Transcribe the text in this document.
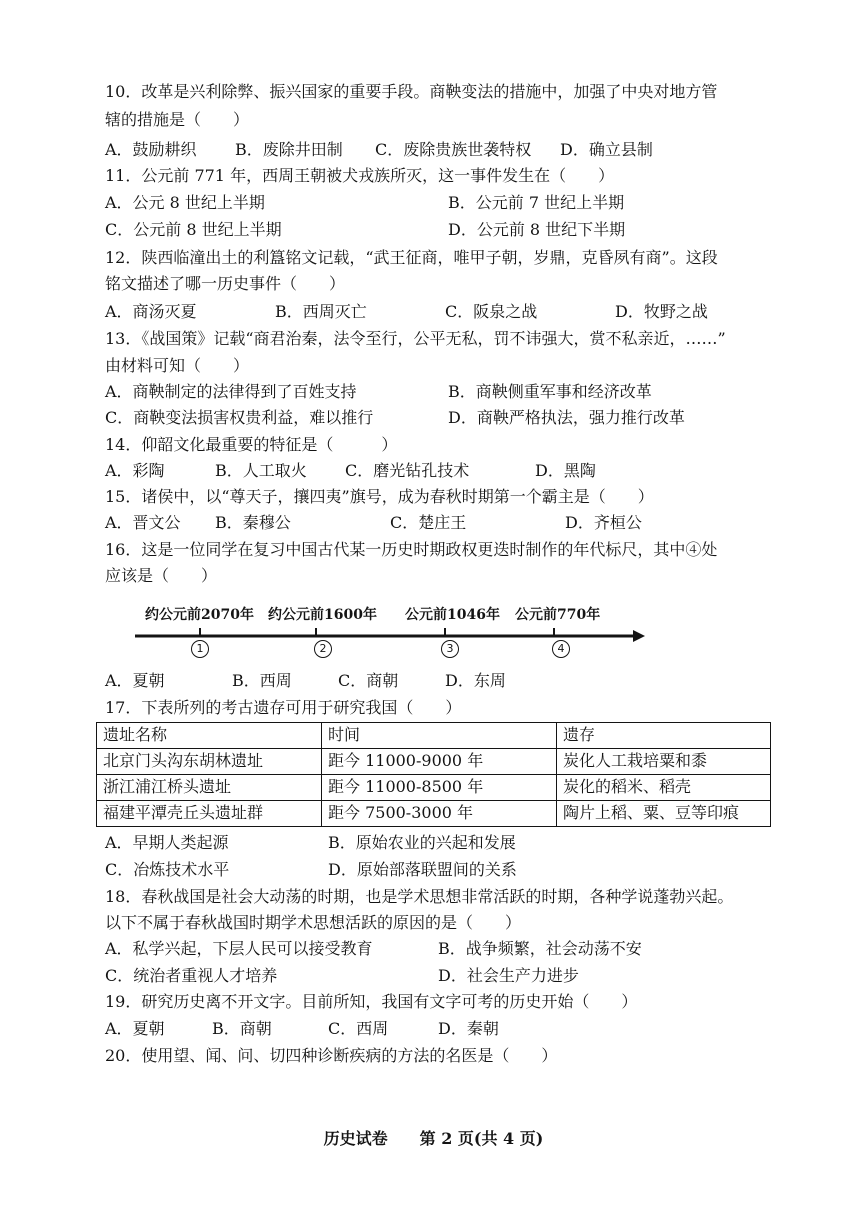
10．改革是兴利除弊、振兴国家的重要手段。商鞅变法的措施中，加强了中央对地方管
辖的措施是（　　）
A．鼓励耕织 B．废除井田制 C．废除贵族世袭特权 D．确立县制
11．公元前 771 年，西周王朝被犬戎族所灭，这一事件发生在（　　）
A．公元 8 世纪上半期	B．公元前 7 世纪上半期
C．公元前 8 世纪上半期	D．公元前 8 世纪下半期
12．陕西临潼出土的利簋铭文记载，“武王征商，唯甲子朝，岁鼎，克昏夙有商”。这段
铭文描述了哪一历史事件（　　）
A．商汤灭夏	B．西周灭亡	C．阪泉之战	D．牧野之战
13．《战国策》记载“商君治秦，法令至行，公平无私，罚不讳强大，赏不私亲近，……”
由材料可知（　　）
A．商鞅制定的法律得到了百姓支持	B．商鞅侧重军事和经济改革
C．商鞅变法损害权贵利益，难以推行	D．商鞅严格执法，强力推行改革
14．仰韶文化最重要的特征是（　　　）
A．彩陶	B．人工取火 C．磨光钻孔技术	D．黑陶
15．诸侯中，以“尊天子，攘四夷”旗号，成为春秋时期第一个霸主是（　　）
A．晋文公 B．秦穆公	C．楚庄王	D．齐桓公
16．这是一位同学在复习中国古代某一历史时期政权更迭时制作的年代标尺，其中④处
应该是（　　）
约公元前2070年 约公元前1600年 公元前1046年 公元前770年
1	2	3	4
A．夏朝	B．西周	C．商朝	D．东周
17．下表所列的考古遗存可用于研究我国（　　）
遗址名称	时间	遗存
北京门头沟东胡林遗址	距今 11000-9000 年	炭化人工栽培粟和黍
浙江浦江桥头遗址	距今 11000-8500 年	炭化的稻米、稻壳
福建平潭壳丘头遗址群	距今 7500-3000 年	陶片上稻、粟、豆等印痕
A．早期人类起源	B．原始农业的兴起和发展
C．冶炼技术水平	D．原始部落联盟间的关系
18．春秋战国是社会大动荡的时期，也是学术思想非常活跃的时期，各种学说蓬勃兴起。
以下不属于春秋战国时期学术思想活跃的原因的是（　　）
A．私学兴起，下层人民可以接受教育	B．战争频繁，社会动荡不安
C．统治者重视人才培养	D．社会生产力进步
19．研究历史离不开文字。目前所知，我国有文字可考的历史开始（　　）
A．夏朝	B．商朝	C．西周	D．秦朝
20．使用望、闻、问、切四种诊断疾病的方法的名医是（　　）
历史试卷　　第 2 页(共 4 页)
